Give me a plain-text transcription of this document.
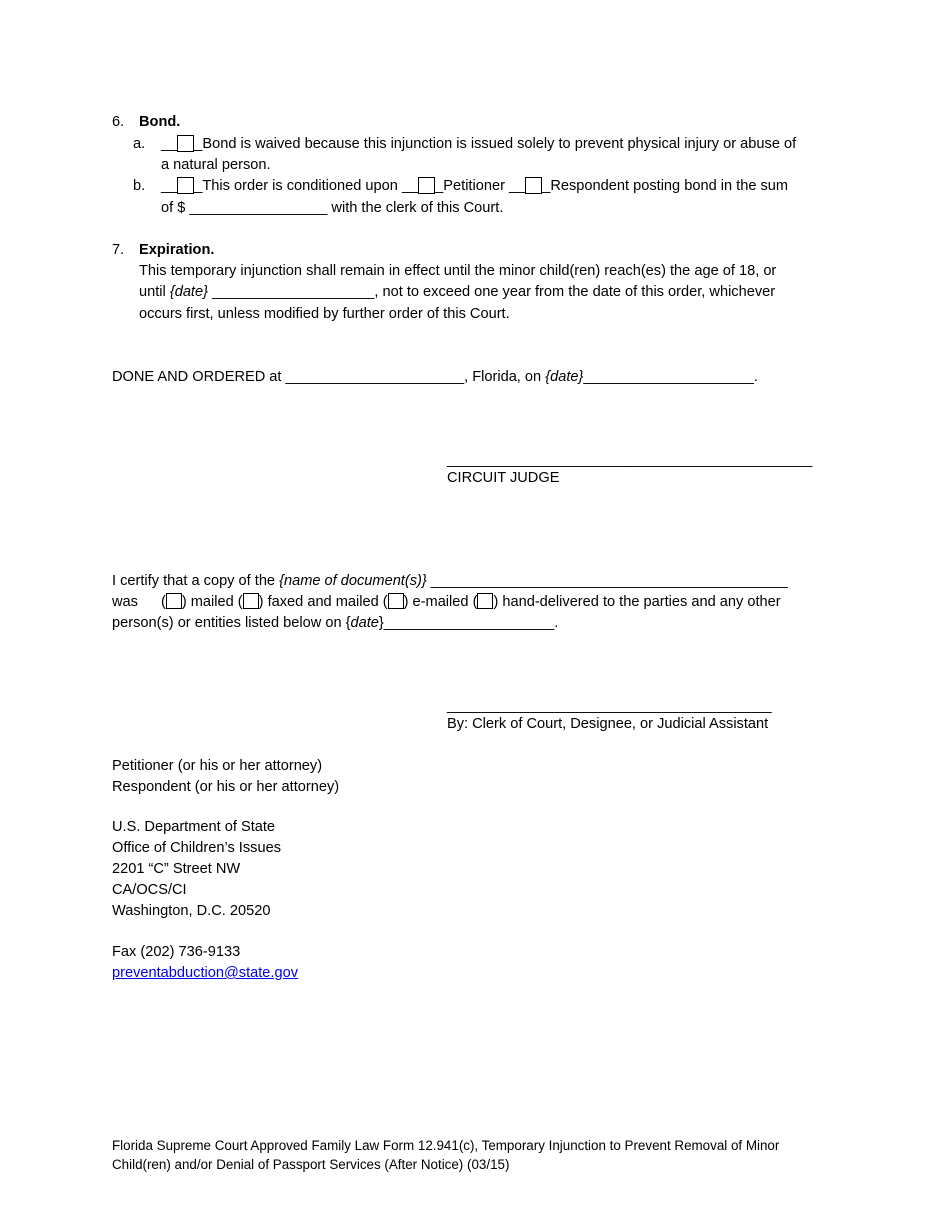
6. Bond.
a. __ _Bond is waived because this injunction is issued solely to prevent physical injury or abuse of
a natural person.
b. __ _This order is conditioned upon __ _Petitioner __ _Respondent posting bond in the sum
of $ _________________ with the clerk of this Court.
7. Expiration.
This temporary injunction shall remain in effect until the minor child(ren) reach(es) the age of 18, or
until {date} ____________________, not to exceed one year from the date of this order, whichever
occurs first, unless modified by further order of this Court.
DONE AND ORDERED at ______________________, Florida, on {date}_____________________.
_____________________________________________
CIRCUIT JUDGE
I certify that a copy of the {name of document(s)} ____________________________________________
was ( ) mailed ( ) faxed and mailed ( ) e-mailed ( ) hand-delivered to the parties and any other
person(s) or entities listed below on {date}_____________________.
________________________________________
By: Clerk of Court, Designee, or Judicial Assistant
Petitioner (or his or her attorney)
Respondent (or his or her attorney)
U.S. Department of State
Office of Children’s Issues
2201 “C” Street NW
CA/OCS/CI
Washington, D.C. 20520
Fax (202) 736-9133
preventabduction@state.gov
Florida Supreme Court Approved Family Law Form 12.941(c), Temporary Injunction to Prevent Removal of Minor
Child(ren) and/or Denial of Passport Services (After Notice) (03/15)
